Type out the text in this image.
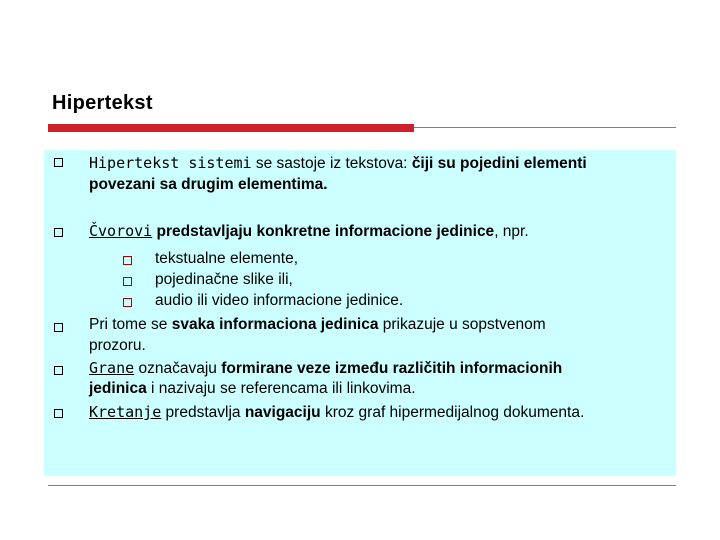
Hipertekst
Hipertekst sistemi se sastoje iz tekstova: čiji su pojedini elementi
povezani sa drugim elementima.
Čvorovi predstavljaju konkretne informacione jedinice, npr.
tekstualne elemente,
pojedinačne slike ili,
audio ili video informacione jedinice.
Pri tome se svaka informaciona jedinica prikazuje u sopstvenom
prozoru.
Grane označavaju formirane veze između različitih informacionih
jedinica i nazivaju se referencama ili linkovima.
Kretanje predstavlja navigaciju kroz graf hipermedijalnog dokumenta.
